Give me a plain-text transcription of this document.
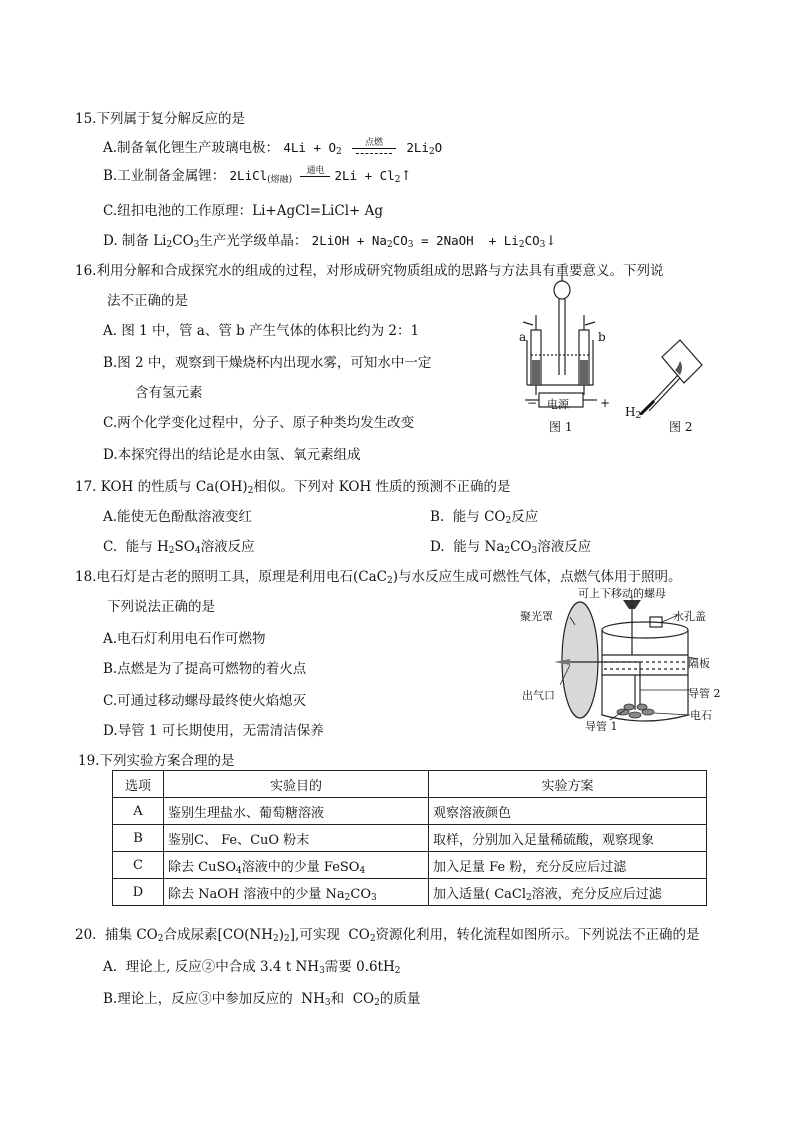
15.下列属于复分解反应的是
A.制备氧化锂生产玻璃电极： $4Li + O_2$
点燃	$2Li_2O$
B.工业制备金属锂： 2LiCl$_{(熔融)}$
通电 $2Li + Cl_2↑$
C.纽扣电池的工作原理：Li+AgCl=LiCl+ Ag
D. 制备 $Li_2CO_3$生产光学级单晶： 2LiOH + $Na_2CO_3$ = 2NaOH  + $Li_2CO_3↓$
16.利用分解和合成探究水的组成的过程，对形成研究物质组成的思路与方法具有重要意义。下列说
法不正确的是
A. 图 1 中，管 a、管 b 产生气体的体积比约为 2：1
B.图 2 中，观察到干燥烧杯内出现水雾，可知水中一定
含有氢元素
C.两个化学变化过程中，分子、原子种类均发生改变
D.本探究得出的结论是水由氢、氧元素组成
a	b
电源
−	+
图 1
$H_2$
图 2
17. KOH 的性质与 $Ca(OH)_2$相似。下列对 KOH 性质的预测不正确的是
A.能使无色酚酞溶液变红	B.  能与 $CO_2$反应
C.  能与 $H_2SO_4$溶液反应	D.  能与 $Na_2CO_3$溶液反应
18.电石灯是古老的照明工具，原理是利用电石(CaC$_2$)与水反应生成可燃性气体，点燃气体用于照明。
下列说法正确的是
A.电石灯利用电石作可燃物
B.点燃是为了提高可燃物的着火点
C.可通过移动螺母最终使火焰熄灭
D.导管 1 可长期使用，无需清洁保养
可上下移动的螺母
聚光罩	水孔盖
隔板
出气口	导管 2
电石
导管 1
19.下列实验方案合理的是
选项	实验目的	实验方案
A	鉴别生理盐水、葡萄糖溶液	观察溶液颜色
B	鉴别C、 Fe、CuO 粉末	取样，分别加入足量稀硫酸，观察现象
C	除去 CuSO$_4$溶液中的少量 FeSO$_4$	加入足量 Fe 粉，充分反应后过滤
D	除去 NaOH 溶液中的少量 $Na_2CO_3$	加入适量( CaCl$_2$溶液，充分反应后过滤
20.  捕集 $CO_2$合成尿素$[CO(NH_2)_2]$,可实现  $CO_2$资源化利用，转化流程如图所示。下列说法不正确的是
A.  理论上, 反应②中合成 3.4 t $NH_3$需要 $0.6tH_2$
B.理论上，反应③中参加反应的  $NH_3$和  $CO_2$的质量
